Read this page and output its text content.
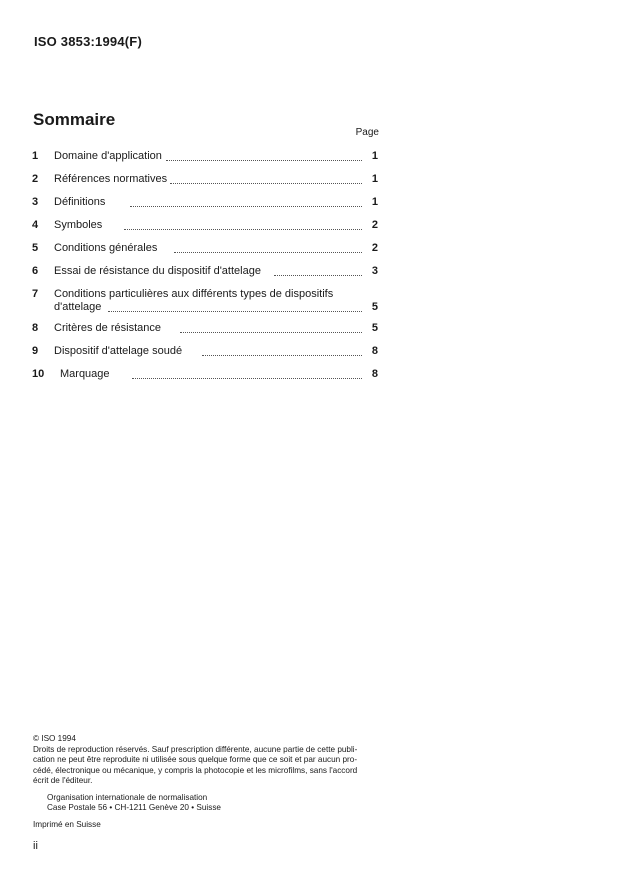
ISO 3853:1994(F)
Sommaire
Page
1	Domaine d'application	1
2	Références normatives	1
3	Définitions	1
4	Symboles	2
5	Conditions générales	2
6	Essai de résistance du dispositif d'attelage	3
7	Conditions particulières aux différents types de dispositifs
d'attelage	5
8	Critères de résistance	5
9	Dispositif d'attelage soudé	8
10	Marquage	8

© ISO 1994

Droits de reproduction réservés. Sauf prescription différente, aucune partie de cette publi-

cation ne peut être reproduite ni utilisée sous quelque forme que ce soit et par aucun pro-

cédé, électronique ou mécanique, y compris la photocopie et les microfilms, sans l'accord

écrit de l'éditeur.

Organisation internationale de normalisation

Case Postale 56 • CH-1211 Genève 20 • Suisse

Imprimé en Suisse

ii
